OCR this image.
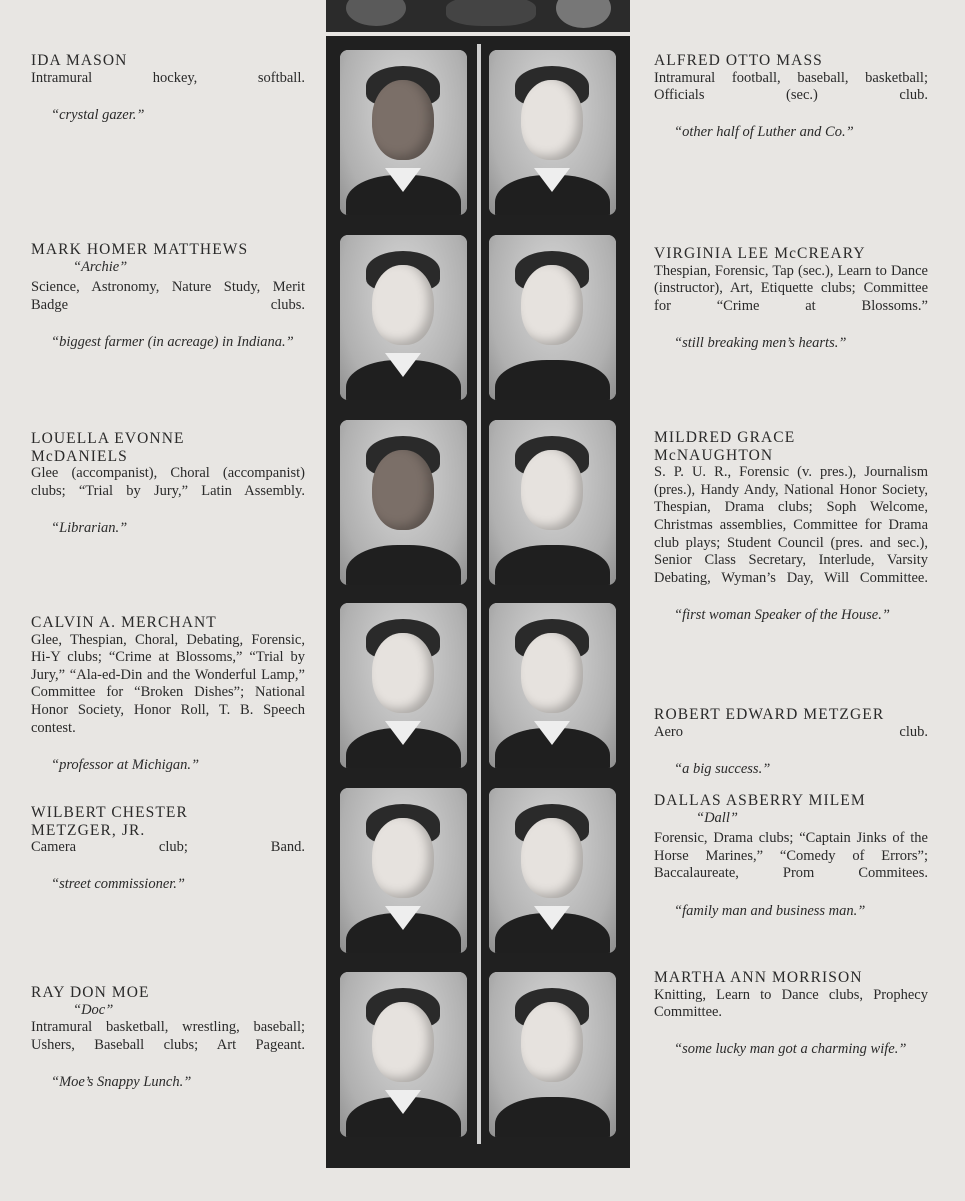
IDA MASON
Intramural hockey, softball.
“crystal gazer.”
MARK HOMER MATTHEWS
“Archie”
Science, Astronomy, Nature Study, Merit Badge clubs.
“biggest farmer (in acreage) in Indiana.”
LOUELLA EVONNE
McDANIELS
Glee (accompanist), Choral (accompanist) clubs; “Trial by Jury,” Latin Assembly.
“Librarian.”
CALVIN A. MERCHANT
Glee, Thespian, Choral, Debating, Forensic, Hi-Y clubs; “Crime at Blossoms,” “Trial by Jury,” “Ala-ed-Din and the Wonderful Lamp,” Committee for “Broken Dishes”; National Honor Society, Honor Roll, T. B. Speech contest.
“professor at Michigan.”
WILBERT CHESTER
METZGER, JR.
Camera club; Band.
“street commissioner.”
RAY DON MOE
“Doc”
Intramural basketball, wrestling, baseball; Ushers, Baseball clubs; Art Pageant.
“Moe’s Snappy Lunch.”
ALFRED OTTO MASS
Intramural football, baseball, basketball; Officials (sec.) club.
“other half of Luther and Co.”
VIRGINIA LEE McCREARY
Thespian, Forensic, Tap (sec.), Learn to Dance (instructor), Art, Etiquette clubs; Committee for “Crime at Blossoms.”
“still breaking men’s hearts.”
MILDRED GRACE
McNAUGHTON
S. P. U. R., Forensic (v. pres.), Journalism (pres.), Handy Andy, National Honor Society, Thespian, Drama clubs; Soph Welcome, Christmas assemblies, Committee for Drama club plays; Student Council (pres. and sec.), Senior Class Secretary, Interlude, Varsity Debating, Wyman’s Day, Will Committee.
“first woman Speaker of the House.”
ROBERT EDWARD METZGER
Aero club.
“a big success.”
DALLAS ASBERRY MILEM
“Dall”
Forensic, Drama clubs; “Captain Jinks of the Horse Marines,” “Comedy of Errors”; Baccalaureate, Prom Commitees.
“family man and business man.”
MARTHA ANN MORRISON
Knitting, Learn to Dance clubs, Prophecy Committee.
“some lucky man got a charming wife.”
